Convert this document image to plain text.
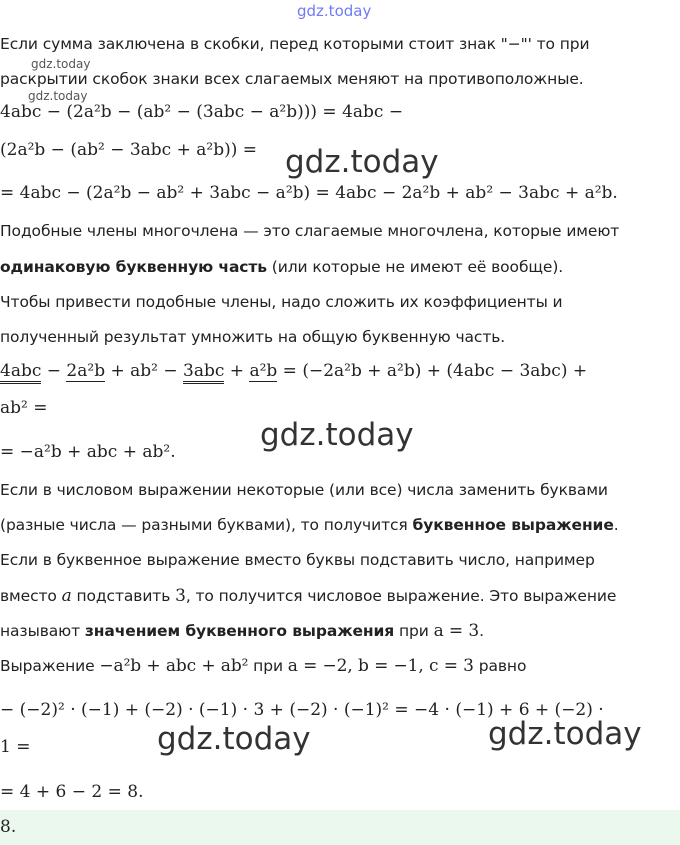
gdz.today
gdz.today
gdz.today
Если сумма заключена в скобки, перед которыми стоит знак "−"' то при
раскрытии скобок знаки всех слагаемых меняют на противоположные.
4abc − (2a²b − (ab² − (3abc − a²b))) = 4abc −
(2a²b − (ab² − 3abc + a²b)) = gdz.today
= 4abc − (2a²b − ab² + 3abc − a²b) = 4abc − 2a²b + ab² − 3abc + a²b.
Подобные члены многочлена — это слагаемые многочлена, которые имеют
одинаковую буквенную часть (или которые не имеют её вообще).
Чтобы привести подобные члены, надо сложить их коэффициенты и
полученный результат умножить на общую буквенную часть.
4abc − 2a²b + ab² − 3abc + a²b = (−2a²b + a²b) + (4abc − 3abc) +
ab² =
gdz.today
= −a²b + abc + ab².
Если в числовом выражении некоторые (или все) числа заменить буквами
(разные числа — разными буквами), то получится буквенное выражение.
Если в буквенное выражение вместо буквы подставить число, например
вместо a подставить 3, то получится числовое выражение. Это выражение
называют значением буквенного выражения при a = 3.
Выражение −a²b + abc + ab² при a = −2, b = −1, c = 3 равно
− (−2)² · (−1) + (−2) · (−1) · 3 + (−2) · (−1)² = −4 · (−1) + 6 + (−2) ·
1 =	gdz.today	gdz.today
= 4 + 6 − 2 = 8.
8.
